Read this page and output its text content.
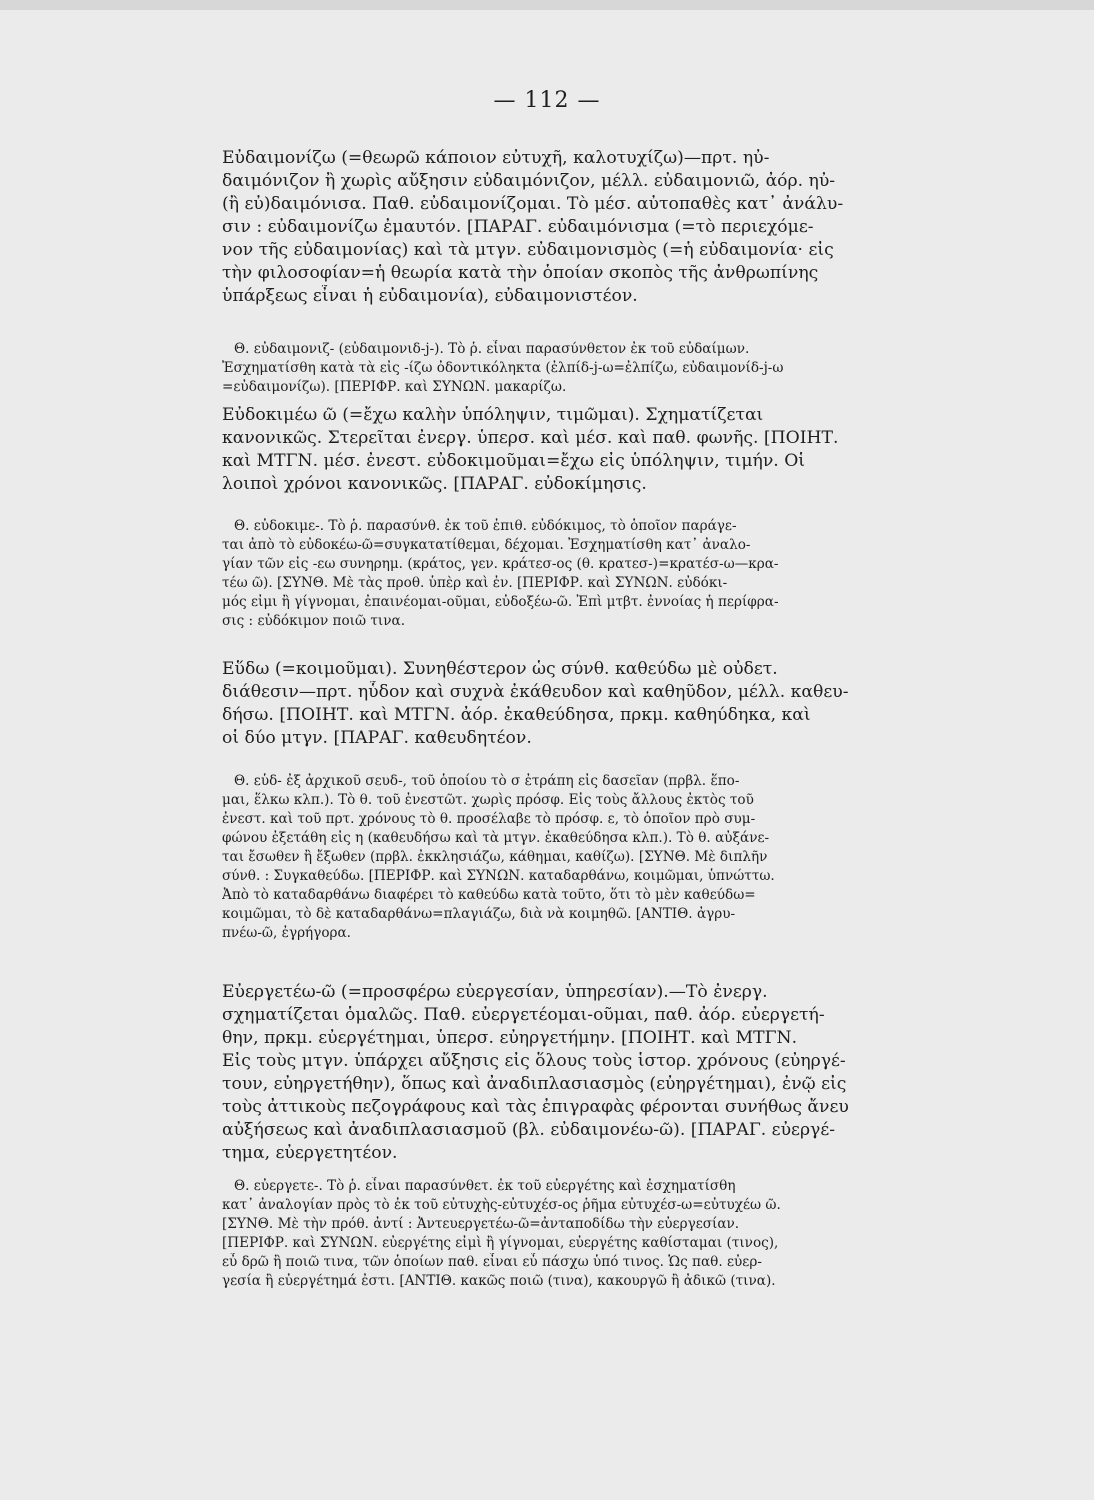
— 112 —
Εὐδαιμονίζω (=θεωρῶ κάποιον εὐτυχῆ, καλοτυχίζω)—πρτ. ηὐ-
δαιμόνιζον ἢ χωρὶς αὔξησιν εὐδαιμόνιζον, μέλλ. εὐδαιμονιῶ, ἀόρ. ηὐ-
(ἢ εὐ)δαιμόνισα. Παθ. εὐδαιμονίζομαι. Τὸ μέσ. αὐτοπαθὲς κατ᾽ ἀνάλυ-
σιν : εὐδαιμονίζω ἐμαυτόν. [ΠΑΡΑΓ. εὐδαιμόνισμα (=τὸ περιεχόμε-
νον τῆς εὐδαιμονίας) καὶ τὰ μτγν. εὐδαιμονισμὸς (=ἡ εὐδαιμονία· εἰς
τὴν φιλοσοφίαν=ἡ θεωρία κατὰ τὴν ὁποίαν σκοπὸς τῆς ἀνθρωπίνης
ὑπάρξεως εἶναι ἡ εὐδαιμονία), εὐδαιμονιστέον.
Θ. εὐδαιμονιζ- (εὐδαιμονιδ-j-). Τὸ ῥ. εἶναι παρασύνθετον ἐκ τοῦ εὐδαίμων.
Ἐσχηματίσθη κατὰ τὰ εἰς -ίζω ὀδοντικόληκτα (ἐλπίδ-j-ω=ἐλπίζω, εὐδαιμονίδ-j-ω
=εὐδαιμονίζω). [ΠΕΡΙΦΡ. καὶ ΣΥΝΩΝ. μακαρίζω.
Εὐδοκιμέω ῶ (=ἔχω καλὴν ὑπόληψιν, τιμῶμαι). Σχηματίζεται
κανονικῶς. Στερεῖται ἐνεργ. ὑπερσ. καὶ μέσ. καὶ παθ. φωνῆς. [ΠΟΙΗΤ.
καὶ ΜΤΓΝ. μέσ. ἐνεστ. εὐδοκιμοῦμαι=ἔχω εἰς ὑπόληψιν, τιμήν. Οἱ
λοιποὶ χρόνοι κανονικῶς. [ΠΑΡΑΓ. εὐδοκίμησις.
Θ. εὐδοκιμε-. Τὸ ῥ. παρασύνθ. ἐκ τοῦ ἐπιθ. εὐδόκιμος, τὸ ὁποῖον παράγε-
ται ἀπὸ τὸ εὐδοκέω-ῶ=συγκατατίθεμαι, δέχομαι. Ἐσχηματίσθη κατ᾽ ἀναλο-
γίαν τῶν εἰς -εω συνηρημ. (κράτος, γεν. κράτεσ-ος (θ. κρατεσ-)=κρατέσ-ω—κρα-
τέω ῶ). [ΣΥΝΘ. Μὲ τὰς προθ. ὑπὲρ καὶ ἐν. [ΠΕΡΙΦΡ. καὶ ΣΥΝΩΝ. εὐδόκι-
μός εἰμι ἢ γίγνομαι, ἐπαινέομαι-οῦμαι, εὐδοξέω-ῶ. Ἐπὶ μτβτ. ἐννοίας ἡ περίφρα-
σις : εὐδόκιμον ποιῶ τινα.
Εὕδω (=κοιμοῦμαι). Συνηθέστερον ὡς σύνθ. καθεύδω μὲ οὐδετ.
διάθεσιν—πρτ. ηὗδον καὶ συχνὰ ἐκάθευδον καὶ καθηῦδον, μέλλ. καθευ-
δήσω. [ΠΟΙΗΤ. καὶ ΜΤΓΝ. ἀόρ. ἐκαθεύδησα, πρκμ. καθηύδηκα, καὶ
οἱ δύο μτγν. [ΠΑΡΑΓ. καθευδητέον.
Θ. εὑδ- ἐξ ἀρχικοῦ σευδ-, τοῦ ὁποίου τὸ σ ἐτράπη εἰς δασεῖαν (πρβλ. ἕπο-
μαι, ἕλκω κλπ.). Τὸ θ. τοῦ ἐνεστῶτ. χωρὶς πρόσφ. Εἰς τοὺς ἄλλους ἐκτὸς τοῦ
ἐνεστ. καὶ τοῦ πρτ. χρόνους τὸ θ. προσέλαβε τὸ πρόσφ. ε, τὸ ὁποῖον πρὸ συμ-
φώνου ἐξετάθη εἰς η (καθευδήσω καὶ τὰ μτγν. ἐκαθεύδησα κλπ.). Τὸ θ. αὐξάνε-
ται ἔσωθεν ἢ ἔξωθεν (πρβλ. ἐκκλησιάζω, κάθημαι, καθίζω). [ΣΥΝΘ. Μὲ διπλῆν
σύνθ. : Συγκαθεύδω. [ΠΕΡΙΦΡ. καὶ ΣΥΝΩΝ. καταδαρθάνω, κοιμῶμαι, ὑπνώττω.
Ἀπὸ τὸ καταδαρθάνω διαφέρει τὸ καθεύδω κατὰ τοῦτο, ὅτι τὸ μὲν καθεύδω=
κοιμῶμαι, τὸ δὲ καταδαρθάνω=πλαγιάζω, διὰ νὰ κοιμηθῶ. [ΑΝΤΙΘ. ἀγρυ-
πνέω-ῶ, ἐγρήγορα.
Εὐεργετέω-ῶ (=προσφέρω εὐεργεσίαν, ὑπηρεσίαν).—Τὸ ἐνεργ.
σχηματίζεται ὁμαλῶς. Παθ. εὐεργετέομαι-οῦμαι, παθ. ἀόρ. εὐεργετή-
θην, πρκμ. εὐεργέτημαι, ὑπερσ. εὐηργετήμην. [ΠΟΙΗΤ. καὶ ΜΤΓΝ.
Εἰς τοὺς μτγν. ὑπάρχει αὔξησις εἰς ὅλους τοὺς ἱστορ. χρόνους (εὐηργέ-
τουν, εὐηργετήθην), ὅπως καὶ ἀναδιπλασιασμὸς (εὐηργέτημαι), ἐνῷ εἰς
τοὺς ἀττικοὺς πεζογράφους καὶ τὰς ἐπιγραφὰς φέρονται συνήθως ἄνευ
αὐξήσεως καὶ ἀναδιπλασιασμοῦ (βλ. εὐδαιμονέω-ῶ). [ΠΑΡΑΓ. εὐεργέ-
τημα, εὐεργετητέον.
Θ. εὐεργετε-. Τὸ ῥ. εἶναι παρασύνθετ. ἐκ τοῦ εὐεργέτης καὶ ἐσχηματίσθη
κατ᾽ ἀναλογίαν πρὸς τὸ ἐκ τοῦ εὐτυχὴς-εὐτυχέσ-ος ῥῆμα εὐτυχέσ-ω=εὐτυχέω ῶ.
[ΣΥΝΘ. Μὲ τὴν πρόθ. ἀντί : Ἀντευεργετέω-ῶ=ἀνταποδίδω τὴν εὐεργεσίαν.
[ΠΕΡΙΦΡ. καὶ ΣΥΝΩΝ. εὐεργέτης εἰμὶ ἢ γίγνομαι, εὐεργέτης καθίσταμαι (τινος),
εὖ δρῶ ἢ ποιῶ τινα, τῶν ὁποίων παθ. εἶναι εὖ πάσχω ὑπό τινος. Ὡς παθ. εὐερ-
γεσία ἢ εὐεργέτημά ἐστι. [ΑΝΤΙΘ. κακῶς ποιῶ (τινα), κακουργῶ ἢ ἀδικῶ (τινα).
